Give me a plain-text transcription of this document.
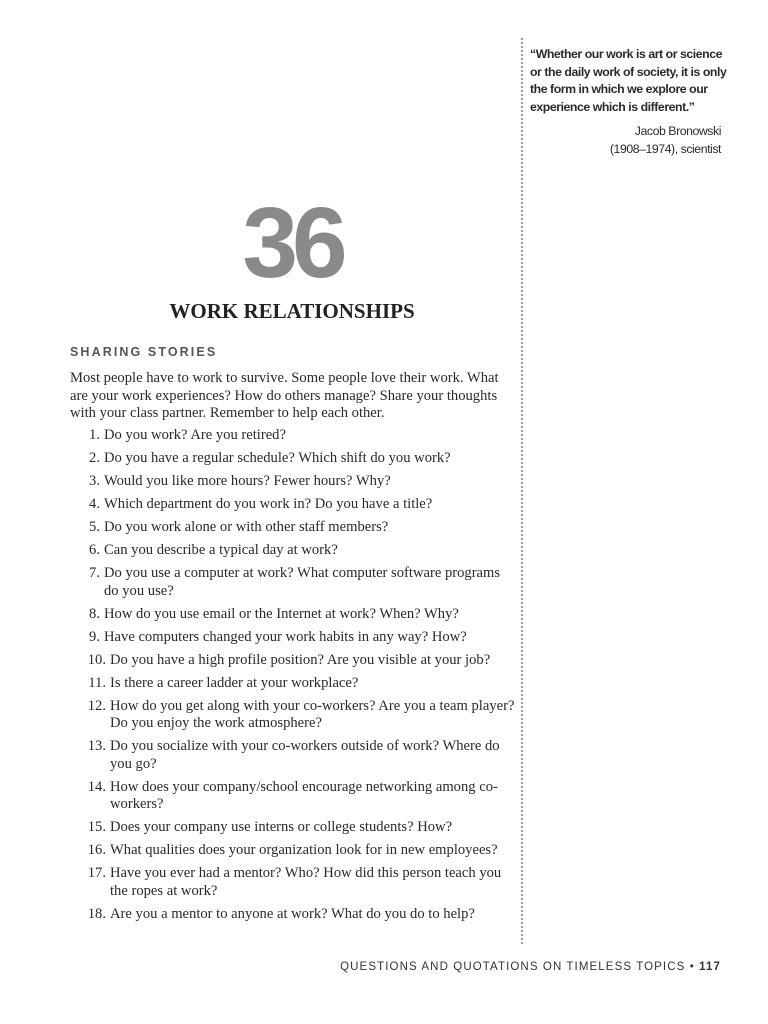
“Whether our work is art or science or the daily work of society, it is only the form in which we explore our experience which is different.”
Jacob Bronowski
(1908–1974), scientist
36
WORK RELATIONSHIPS
SHARING STORIES
Most people have to work to survive. Some people love their work. What are your work experiences? How do others manage? Share your thoughts with your class partner. Remember to help each other.
1. Do you work? Are you retired?
2. Do you have a regular schedule? Which shift do you work?
3. Would you like more hours? Fewer hours? Why?
4. Which department do you work in? Do you have a title?
5. Do you work alone or with other staff members?
6. Can you describe a typical day at work?
7. Do you use a computer at work? What computer software programs do you use?
8. How do you use email or the Internet at work? When? Why?
9. Have computers changed your work habits in any way? How?
10. Do you have a high profile position? Are you visible at your job?
11. Is there a career ladder at your workplace?
12. How do you get along with your co-workers? Are you a team player? Do you enjoy the work atmosphere?
13. Do you socialize with your co-workers outside of work? Where do you go?
14. How does your company/school encourage networking among co-workers?
15. Does your company use interns or college students? How?
16. What qualities does your organization look for in new employees?
17. Have you ever had a mentor? Who? How did this person teach you the ropes at work?
18. Are you a mentor to anyone at work? What do you do to help?
QUESTIONS AND QUOTATIONS ON TIMELESS TOPICS • 117
